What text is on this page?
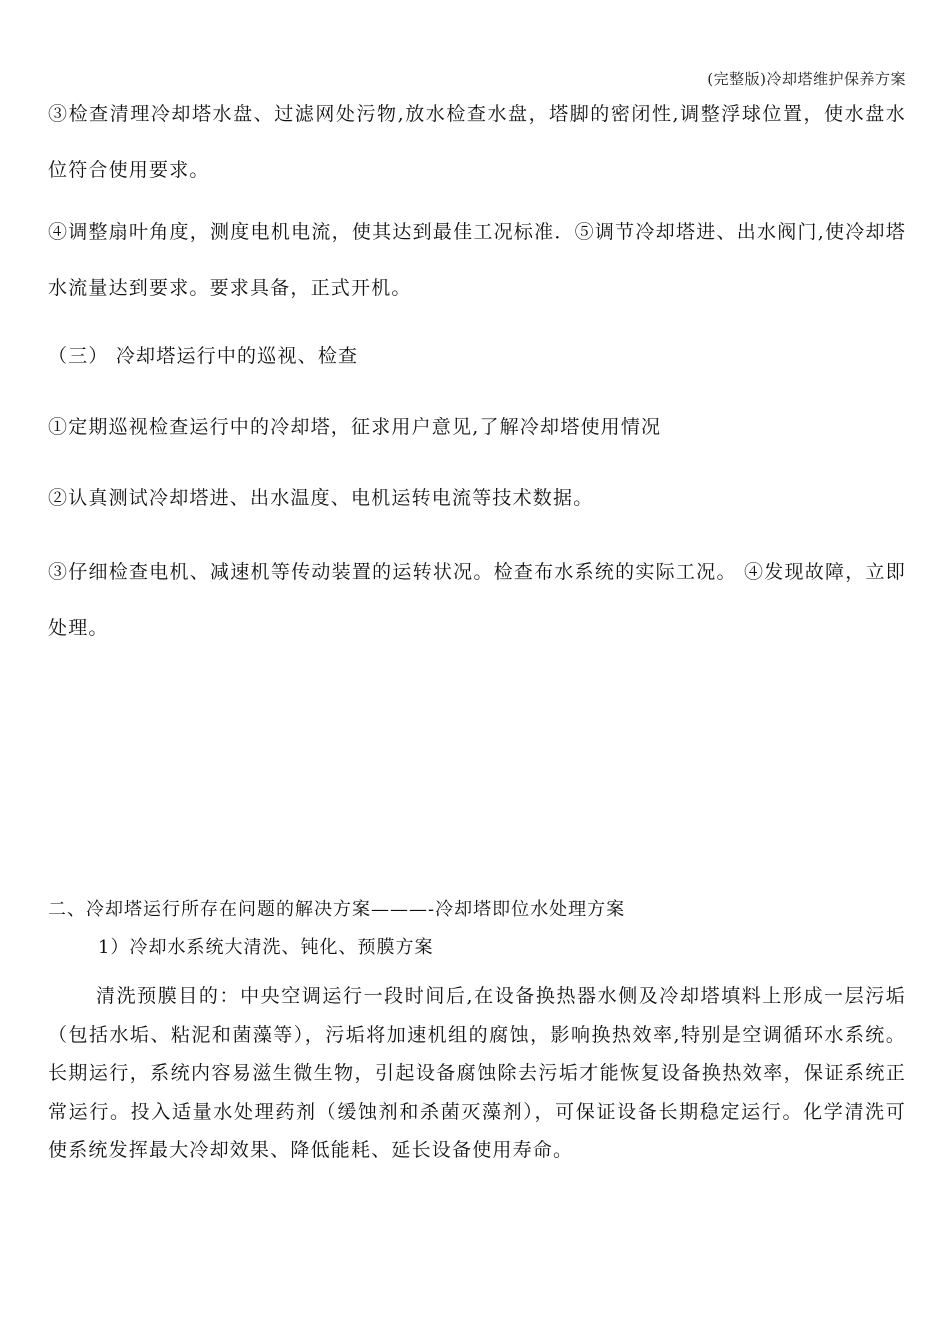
(完整版)冷却塔维护保养方案

③检查清理冷却塔水盘、过滤网处污物,放水检查水盘，塔脚的密闭性,调整浮球位置，使水盘水位符合使用要求。

④调整扇叶角度，测度电机电流，使其达到最佳工况标准．⑤调节冷却塔进、出水阀门,使冷却塔水流量达到要求。要求具备，正式开机。

（三） 冷却塔运行中的巡视、检查

①定期巡视检查运行中的冷却塔，征求用户意见,了解冷却塔使用情况

②认真测试冷却塔进、出水温度、电机运转电流等技术数据。

③仔细检查电机、减速机等传动装置的运转状况。检查布水系统的实际工况。 ④发现故障，立即处理。

二、冷却塔运行所存在问题的解决方案———-冷却塔即位水处理方案

1）冷却水系统大清洗、钝化、预膜方案

清洗预膜目的：中央空调运行一段时间后,在设备换热器水侧及冷却塔填料上形成一层污垢（包括水垢、粘泥和菌藻等），污垢将加速机组的腐蚀，影响换热效率,特别是空调循环水系统。长期运行，系统内容易滋生微生物，引起设备腐蚀除去污垢才能恢复设备换热效率，保证系统正常运行。投入适量水处理药剂（缓蚀剂和杀菌灭藻剂），可保证设备长期稳定运行。化学清洗可使系统发挥最大冷却效果、降低能耗、延长设备使用寿命。
